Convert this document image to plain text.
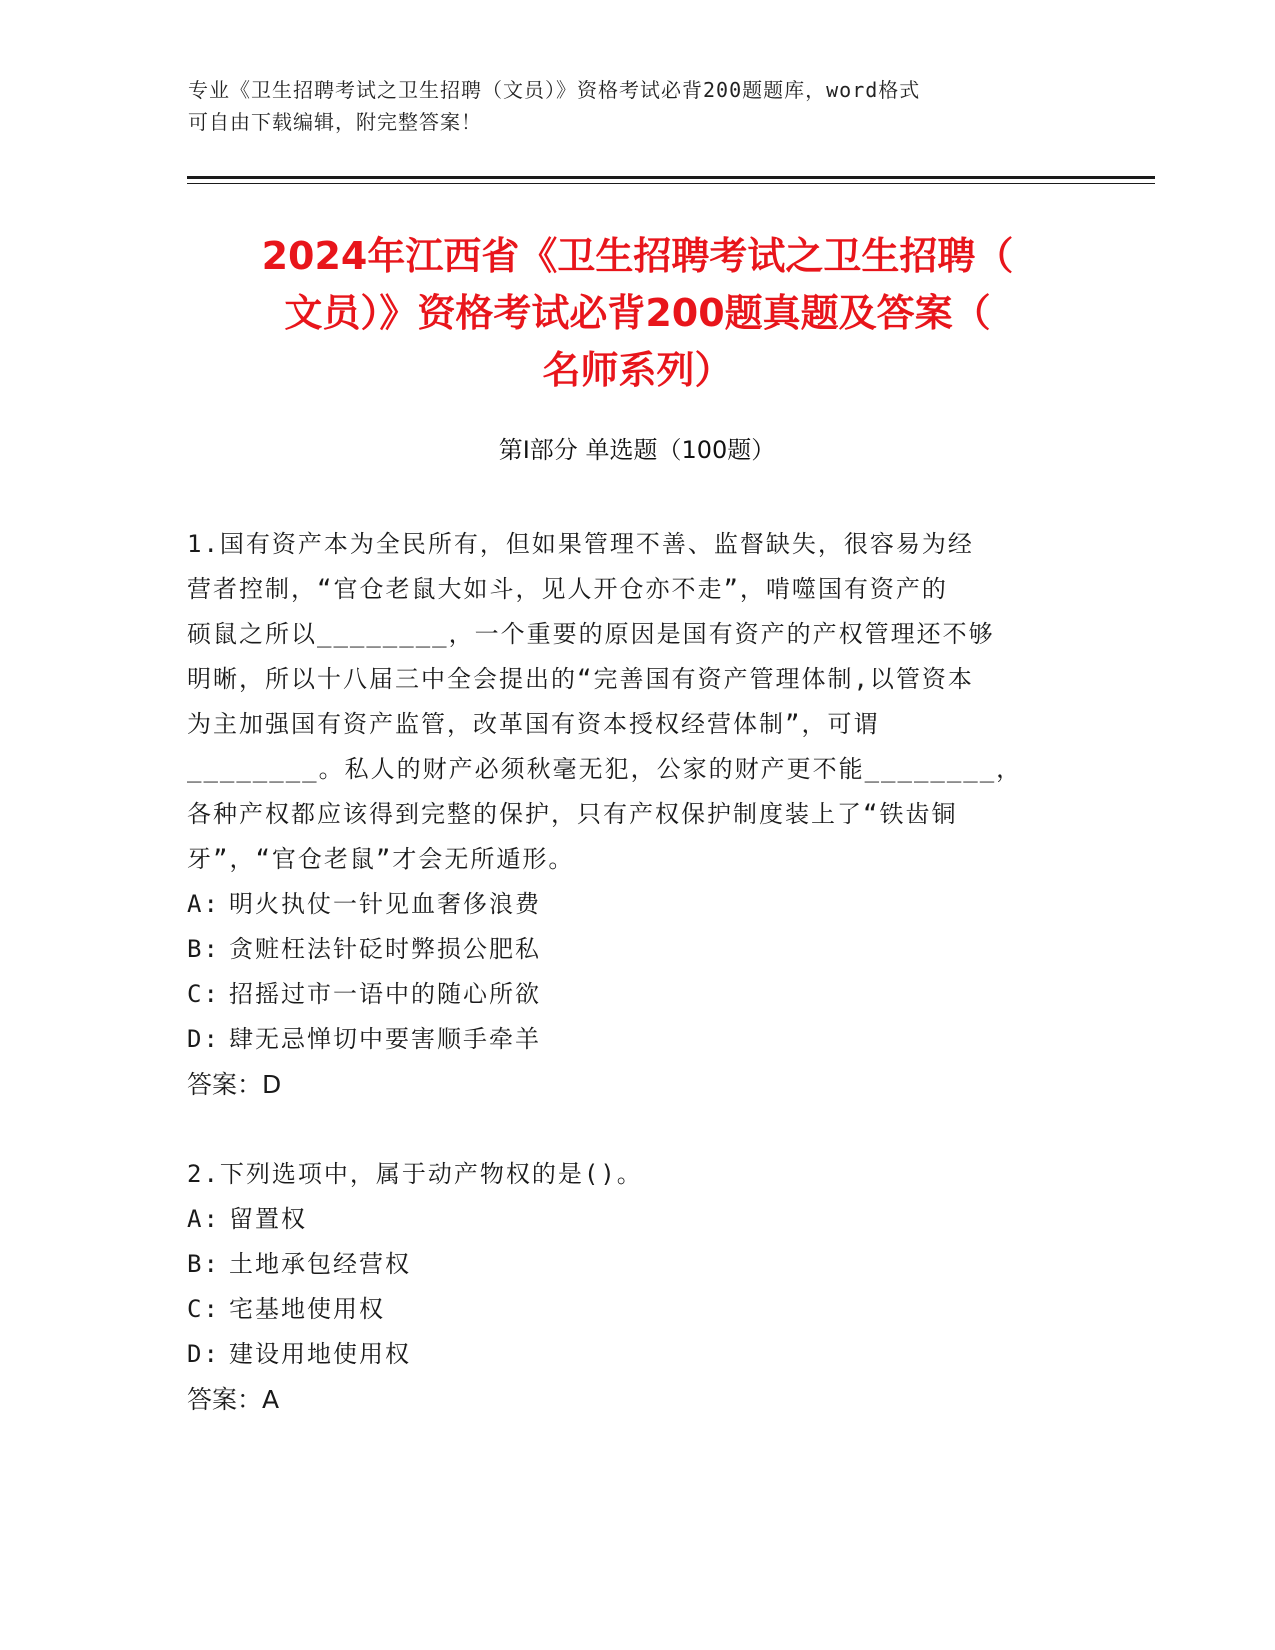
专业《卫生招聘考试之卫生招聘（文员）》资格考试必背200题题库，word格式
可自由下载编辑，附完整答案！
2024年江西省《卫生招聘考试之卫生招聘（
文员）》资格考试必背200题真题及答案（
名师系列）
第Ⅰ部分 单选题（100题）
1.国有资产本为全民所有，但如果管理不善、监督缺失，很容易为经
营者控制，“官仓老鼠大如斗，见人开仓亦不走”，啃噬国有资产的
硕鼠之所以________，一个重要的原因是国有资产的产权管理还不够
明晰，所以十八届三中全会提出的“完善国有资产管理体制,以管资本
为主加强国有资产监管，改革国有资本授权经营体制”，可谓
________。私人的财产必须秋毫无犯，公家的财产更不能________，
各种产权都应该得到完整的保护，只有产权保护制度装上了“铁齿铜
牙”，“官仓老鼠”才会无所遁形。
A: 明火执仗一针见血奢侈浪费
B: 贪赃枉法针砭时弊损公肥私
C: 招摇过市一语中的随心所欲
D: 肆无忌惮切中要害顺手牵羊
答案：D
2.下列选项中，属于动产物权的是()。
A: 留置权
B: 土地承包经营权
C: 宅基地使用权
D: 建设用地使用权
答案：A
